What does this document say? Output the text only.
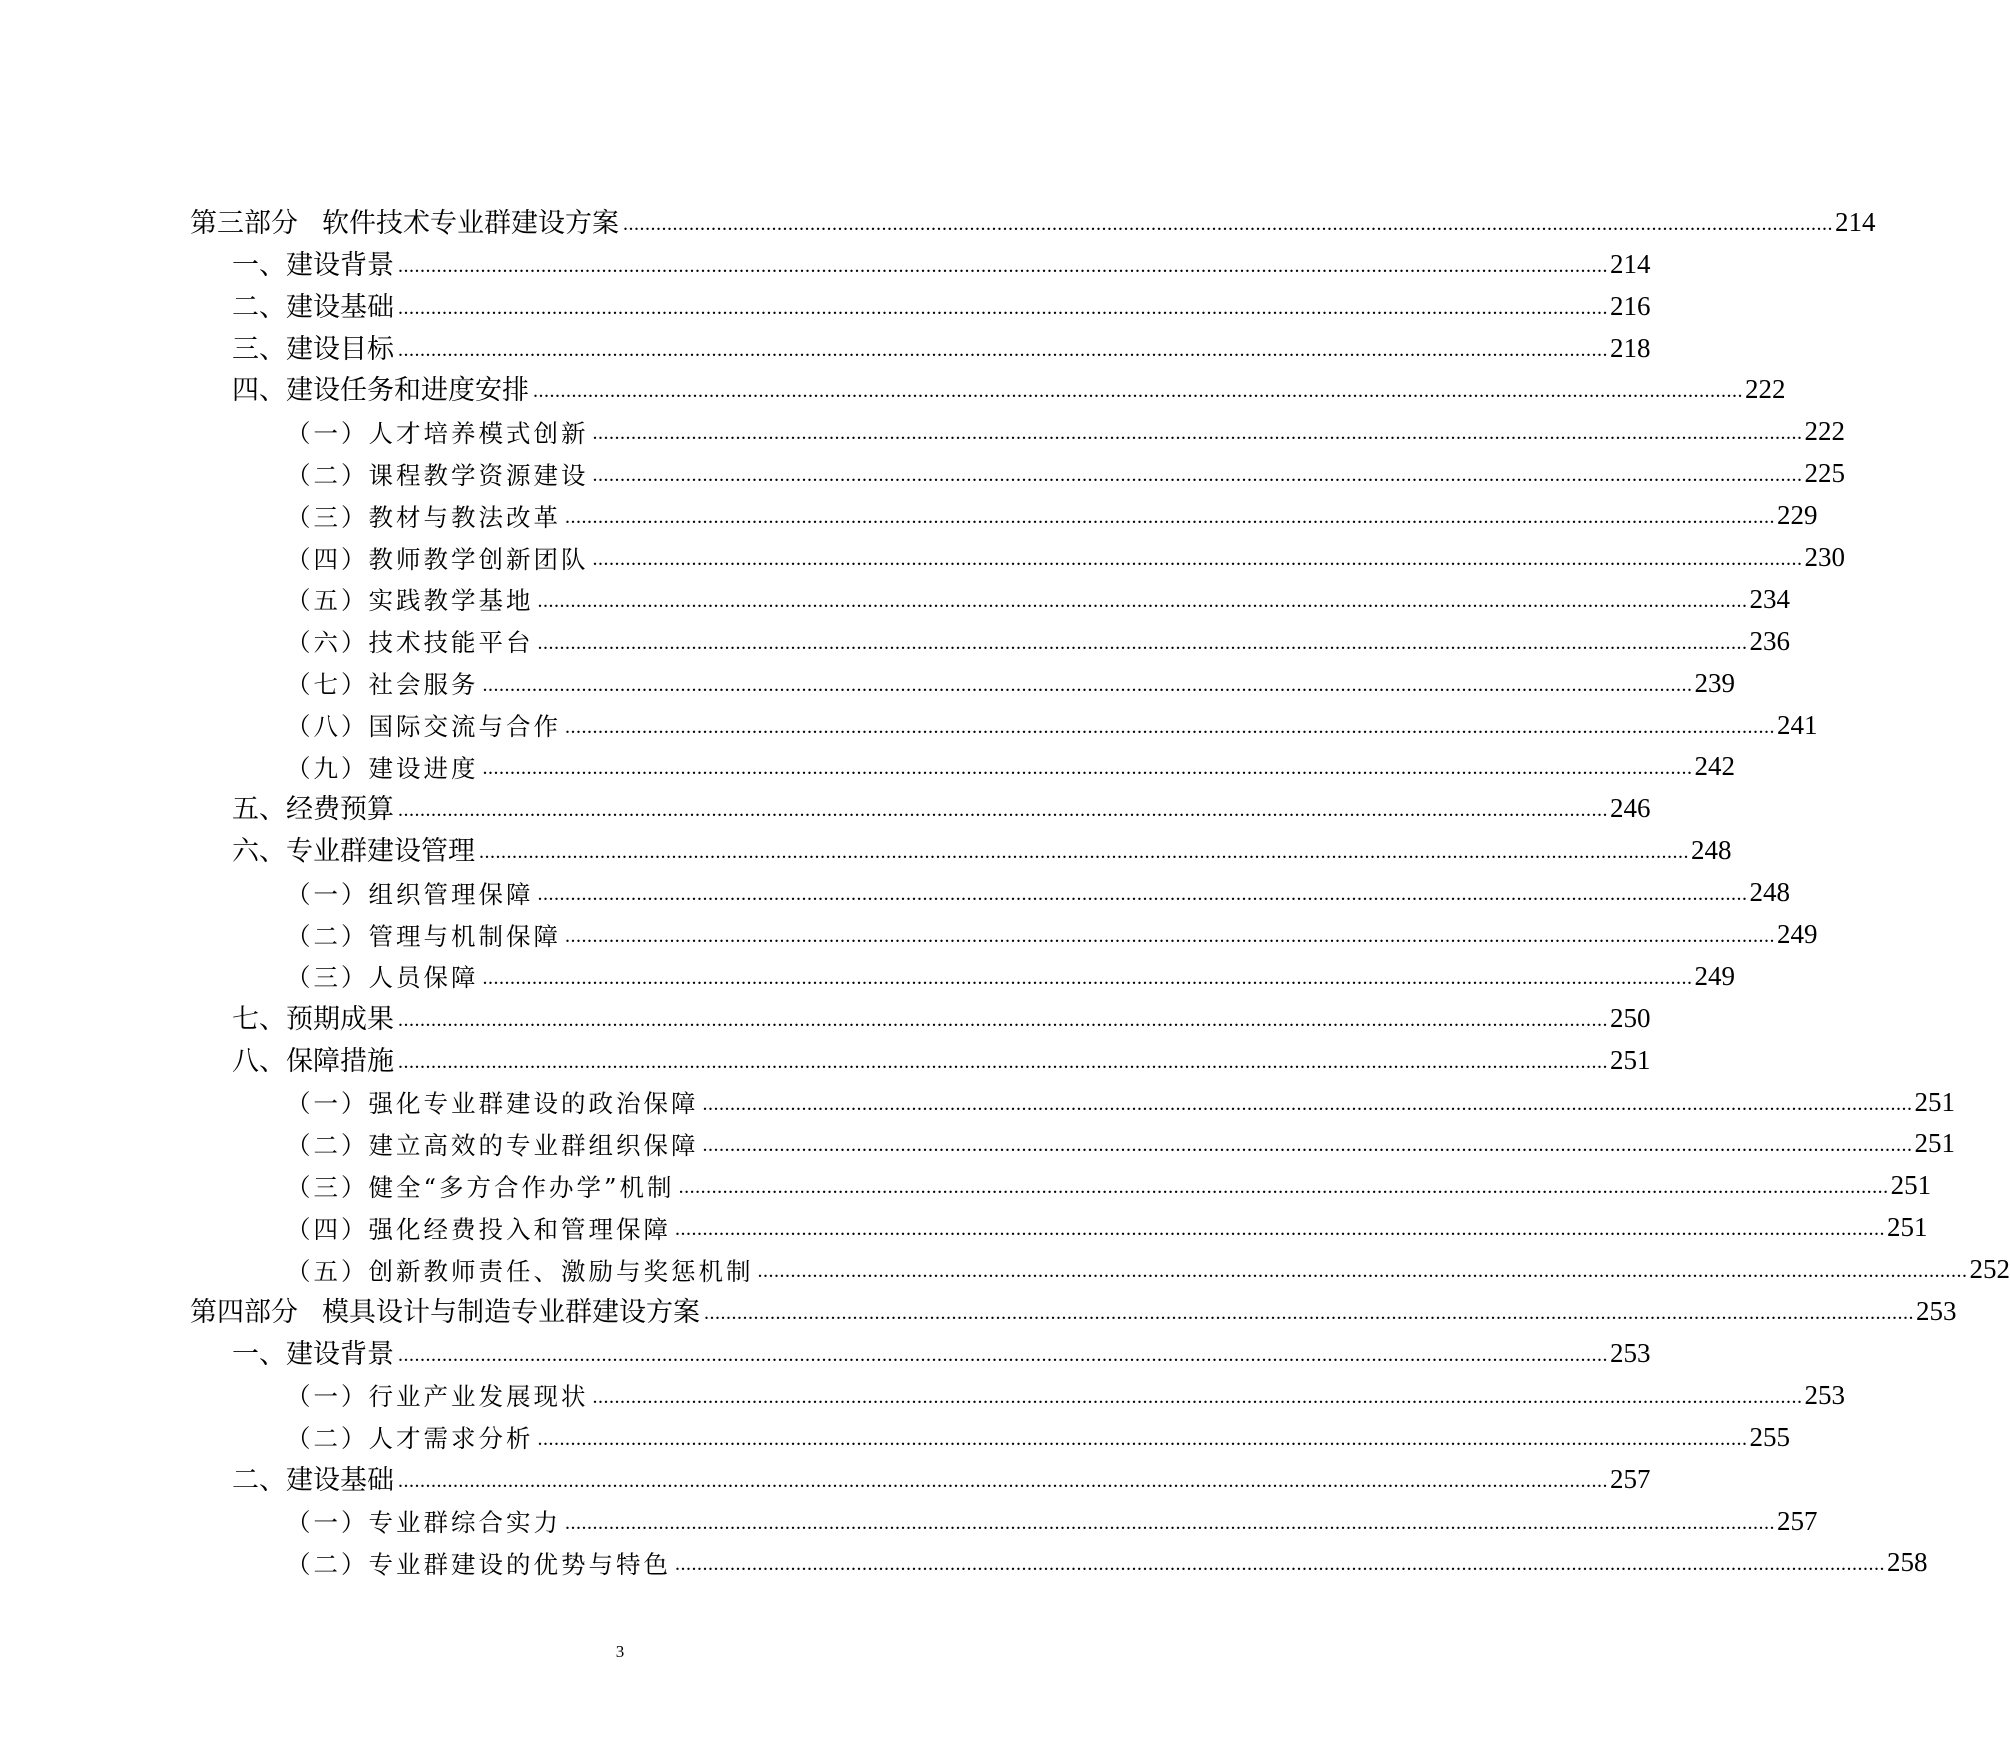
第三部分 软件技术专业群建设方案 ............................................................................................................................................................................................................................ 214
一、建设背景 ............................................................................................................................................................................................................................ 214
二、建设基础 ............................................................................................................................................................................................................................ 216
三、建设目标 ............................................................................................................................................................................................................................ 218
四、建设任务和进度安排 ............................................................................................................................................................................................................................ 222
（一）人才培养模式创新 ............................................................................................................................................................................................................................ 222
（二）课程教学资源建设 ............................................................................................................................................................................................................................ 225
（三）教材与教法改革 ............................................................................................................................................................................................................................ 229
（四）教师教学创新团队 ............................................................................................................................................................................................................................ 230
（五）实践教学基地 ............................................................................................................................................................................................................................ 234
（六）技术技能平台 ............................................................................................................................................................................................................................ 236
（七）社会服务 ............................................................................................................................................................................................................................ 239
（八）国际交流与合作 ............................................................................................................................................................................................................................ 241
（九）建设进度 ............................................................................................................................................................................................................................ 242
五、经费预算 ............................................................................................................................................................................................................................ 246
六、专业群建设管理 ............................................................................................................................................................................................................................ 248
（一）组织管理保障 ............................................................................................................................................................................................................................ 248
（二）管理与机制保障 ............................................................................................................................................................................................................................ 249
（三）人员保障 ............................................................................................................................................................................................................................ 249
七、预期成果 ............................................................................................................................................................................................................................ 250
八、保障措施 ............................................................................................................................................................................................................................ 251
（一）强化专业群建设的政治保障 ............................................................................................................................................................................................................................ 251
（二）建立高效的专业群组织保障 ............................................................................................................................................................................................................................ 251
（三）健全“多方合作办学”机制 ............................................................................................................................................................................................................................ 251
（四）强化经费投入和管理保障 ............................................................................................................................................................................................................................ 251
（五）创新教师责任、激励与奖惩机制 ............................................................................................................................................................................................................................ 252
第四部分 模具设计与制造专业群建设方案 ............................................................................................................................................................................................................................ 253
一、建设背景 ............................................................................................................................................................................................................................ 253
（一）行业产业发展现状 ............................................................................................................................................................................................................................ 253
（二）人才需求分析 ............................................................................................................................................................................................................................ 255
二、建设基础 ............................................................................................................................................................................................................................ 257
（一）专业群综合实力 ............................................................................................................................................................................................................................ 257
（二）专业群建设的优势与特色 ............................................................................................................................................................................................................................ 258
3
